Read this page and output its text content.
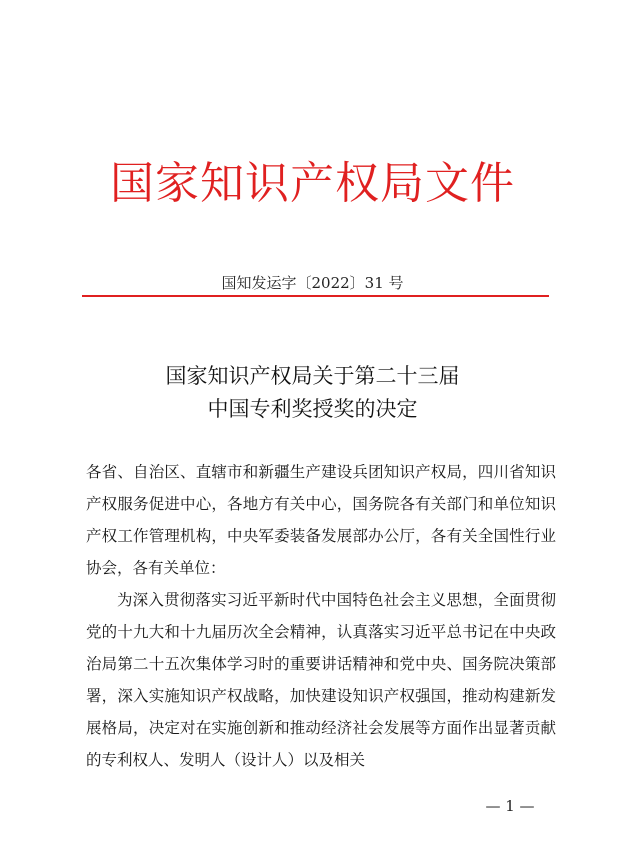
国家知识产权局文件
国知发运字〔2022〕31 号
国家知识产权局关于第二十三届
中国专利奖授奖的决定

各省、自治区、直辖市和新疆生产建设兵团知识产权局，四川省知识产权服务促进中心，各地方有关中心，国务院各有关部门和单位知识产权工作管理机构，中央军委装备发展部办公厅，各有关全国性行业协会，各有关单位：

为深入贯彻落实习近平新时代中国特色社会主义思想，全面贯彻党的十九大和十九届历次全会精神，认真落实习近平总书记在中央政治局第二十五次集体学习时的重要讲话精神和党中央、国务院决策部署，深入实施知识产权战略，加快建设知识产权强国，推动构建新发展格局，决定对在实施创新和推动经济社会发展等方面作出显著贡献的专利权人、发明人（设计人）以及相关

— 1 —
